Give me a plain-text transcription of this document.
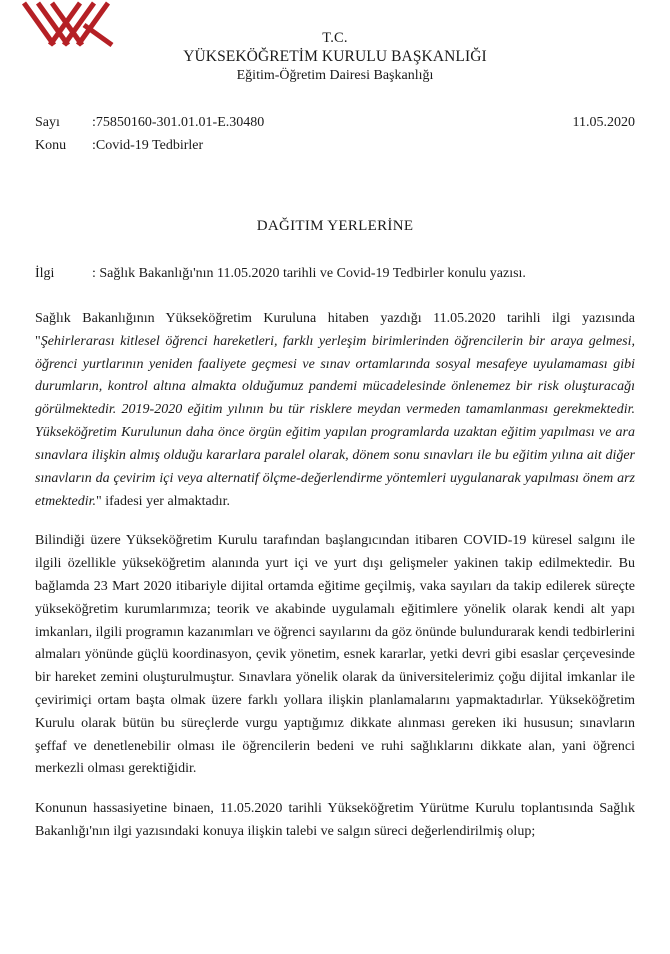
T.C.
YÜKSEKÖĞRETİM KURULU BAŞKANLIĞI
Eğitim-Öğretim Dairesi Başkanlığı
Sayı	:75850160-301.01.01-E.30480	11.05.2020
Konu	:Covid-19 Tedbirler
DAĞITIM YERLERİNE
İlgi	: Sağlık Bakanlığı'nın 11.05.2020 tarihli ve Covid-19 Tedbirler konulu yazısı.

Sağlık Bakanlığının Yükseköğretim Kuruluna hitaben yazdığı 11.05.2020 tarihli ilgi yazısında "Şehirlerarası kitlesel öğrenci hareketleri, farklı yerleşim birimlerinden öğrencilerin bir araya gelmesi, öğrenci yurtlarının yeniden faaliyete geçmesi ve sınav ortamlarında sosyal mesafeye uyulamaması gibi durumların, kontrol altına almakta olduğumuz pandemi mücadelesinde önlenemez bir risk oluşturacağı görülmektedir. 2019-2020 eğitim yılının bu tür risklere meydan vermeden tamamlanması gerekmektedir. Yükseköğretim Kurulunun daha önce örgün eğitim yapılan programlarda uzaktan eğitim yapılması ve ara sınavlara ilişkin almış olduğu kararlara paralel olarak, dönem sonu sınavları ile bu eğitim yılına ait diğer sınavların da çevirim içi veya alternatif ölçme-değerlendirme yöntemleri uygulanarak yapılması önem arz etmektedir." ifadesi yer almaktadır.

Bilindiği üzere Yükseköğretim Kurulu tarafından başlangıcından itibaren COVID-19 küresel salgını ile ilgili özellikle yükseköğretim alanında yurt içi ve yurt dışı gelişmeler yakinen takip edilmektedir. Bu bağlamda 23 Mart 2020 itibariyle dijital ortamda eğitime geçilmiş, vaka sayıları da takip edilerek süreçte yükseköğretim kurumlarımıza; teorik ve akabinde uygulamalı eğitimlere yönelik olarak kendi alt yapı imkanları, ilgili programın kazanımları ve öğrenci sayılarını da göz önünde bulundurarak kendi tedbirlerini almaları yönünde güçlü koordinasyon, çevik yönetim, esnek kararlar, yetki devri gibi esaslar çerçevesinde bir hareket zemini oluşturulmuştur. Sınavlara yönelik olarak da üniversitelerimiz çoğu dijital imkanlar ile çevirimiçi ortam başta olmak üzere farklı yollara ilişkin planlamalarını yapmaktadırlar. Yükseköğretim Kurulu olarak bütün bu süreçlerde vurgu yaptığımız dikkate alınması gereken iki hususun; sınavların şeffaf ve denetlenebilir olması ile öğrencilerin bedeni ve ruhi sağlıklarını dikkate alan, yani öğrenci merkezli olması gerektiğidir.

Konunun hassasiyetine binaen, 11.05.2020 tarihli Yükseköğretim Yürütme Kurulu toplantısında Sağlık Bakanlığı'nın ilgi yazısındaki konuya ilişkin talebi ve salgın süreci değerlendirilmiş olup;
